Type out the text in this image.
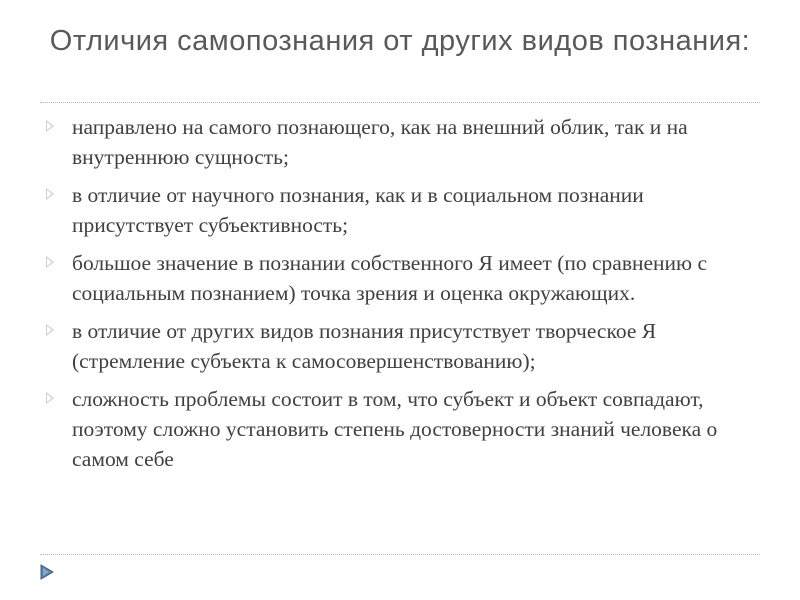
Отличия самопознания от других видов познания:
направлено на самого познающего, как на внешний облик, так и на внутреннюю сущность;
в отличие от научного познания, как и в социальном познании присутствует субъективность;
большое значение в познании собственного Я имеет (по сравнению с социальным познанием) точка зрения и оценка окружающих.
в отличие от других видов познания присутствует творческое Я (стремление субъекта к самосовершенствованию);
сложность проблемы состоит в том, что субъект и объект совпадают, поэтому сложно установить степень достоверности знаний человека о самом себе
